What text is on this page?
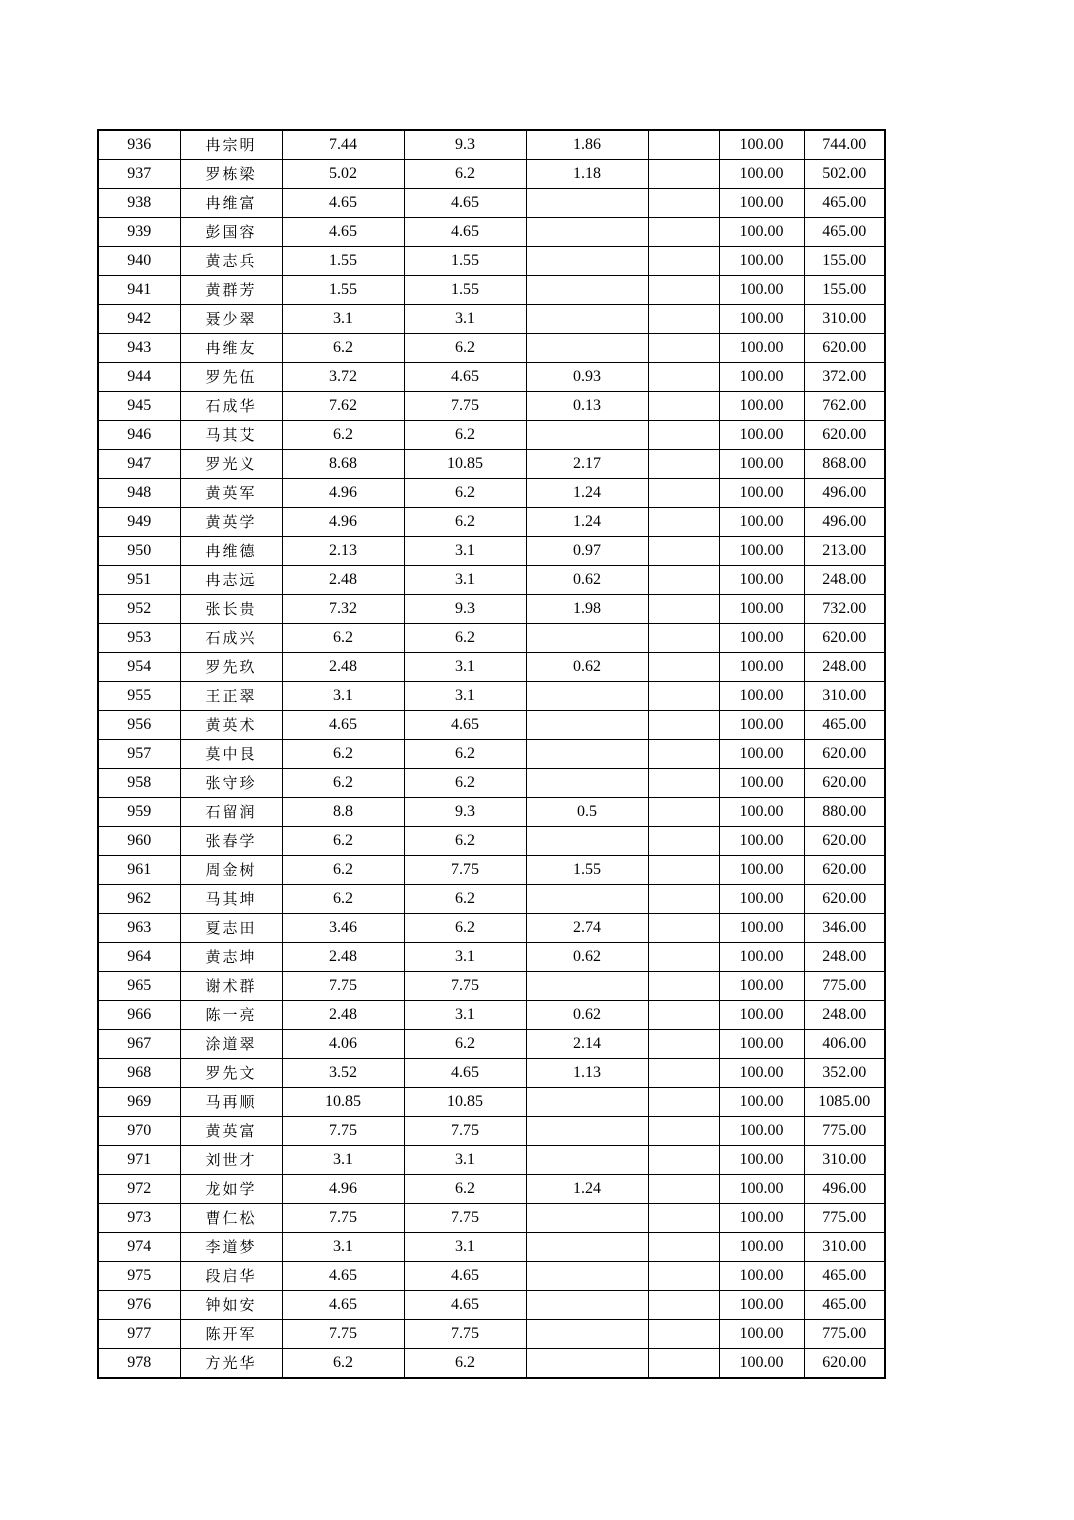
936	冉宗明	7.44	9.3	1.86		100.00	744.00
937	罗栋梁	5.02	6.2	1.18		100.00	502.00
938	冉维富	4.65	4.65			100.00	465.00
939	彭国容	4.65	4.65			100.00	465.00
940	黄志兵	1.55	1.55			100.00	155.00
941	黄群芳	1.55	1.55			100.00	155.00
942	聂少翠	3.1	3.1			100.00	310.00
943	冉维友	6.2	6.2			100.00	620.00
944	罗先伍	3.72	4.65	0.93		100.00	372.00
945	石成华	7.62	7.75	0.13		100.00	762.00
946	马其艾	6.2	6.2			100.00	620.00
947	罗光义	8.68	10.85	2.17		100.00	868.00
948	黄英军	4.96	6.2	1.24		100.00	496.00
949	黄英学	4.96	6.2	1.24		100.00	496.00
950	冉维德	2.13	3.1	0.97		100.00	213.00
951	冉志远	2.48	3.1	0.62		100.00	248.00
952	张长贵	7.32	9.3	1.98		100.00	732.00
953	石成兴	6.2	6.2			100.00	620.00
954	罗先玖	2.48	3.1	0.62		100.00	248.00
955	王正翠	3.1	3.1			100.00	310.00
956	黄英术	4.65	4.65			100.00	465.00
957	莫中艮	6.2	6.2			100.00	620.00
958	张守珍	6.2	6.2			100.00	620.00
959	石留润	8.8	9.3	0.5		100.00	880.00
960	张春学	6.2	6.2			100.00	620.00
961	周金树	6.2	7.75	1.55		100.00	620.00
962	马其坤	6.2	6.2			100.00	620.00
963	夏志田	3.46	6.2	2.74		100.00	346.00
964	黄志坤	2.48	3.1	0.62		100.00	248.00
965	谢术群	7.75	7.75			100.00	775.00
966	陈一亮	2.48	3.1	0.62		100.00	248.00
967	涂道翠	4.06	6.2	2.14		100.00	406.00
968	罗先文	3.52	4.65	1.13		100.00	352.00
969	马再顺	10.85	10.85			100.00	1085.00
970	黄英富	7.75	7.75			100.00	775.00
971	刘世才	3.1	3.1			100.00	310.00
972	龙如学	4.96	6.2	1.24		100.00	496.00
973	曹仁松	7.75	7.75			100.00	775.00
974	李道梦	3.1	3.1			100.00	310.00
975	段启华	4.65	4.65			100.00	465.00
976	钟如安	4.65	4.65			100.00	465.00
977	陈开军	7.75	7.75			100.00	775.00
978	方光华	6.2	6.2			100.00	620.00
